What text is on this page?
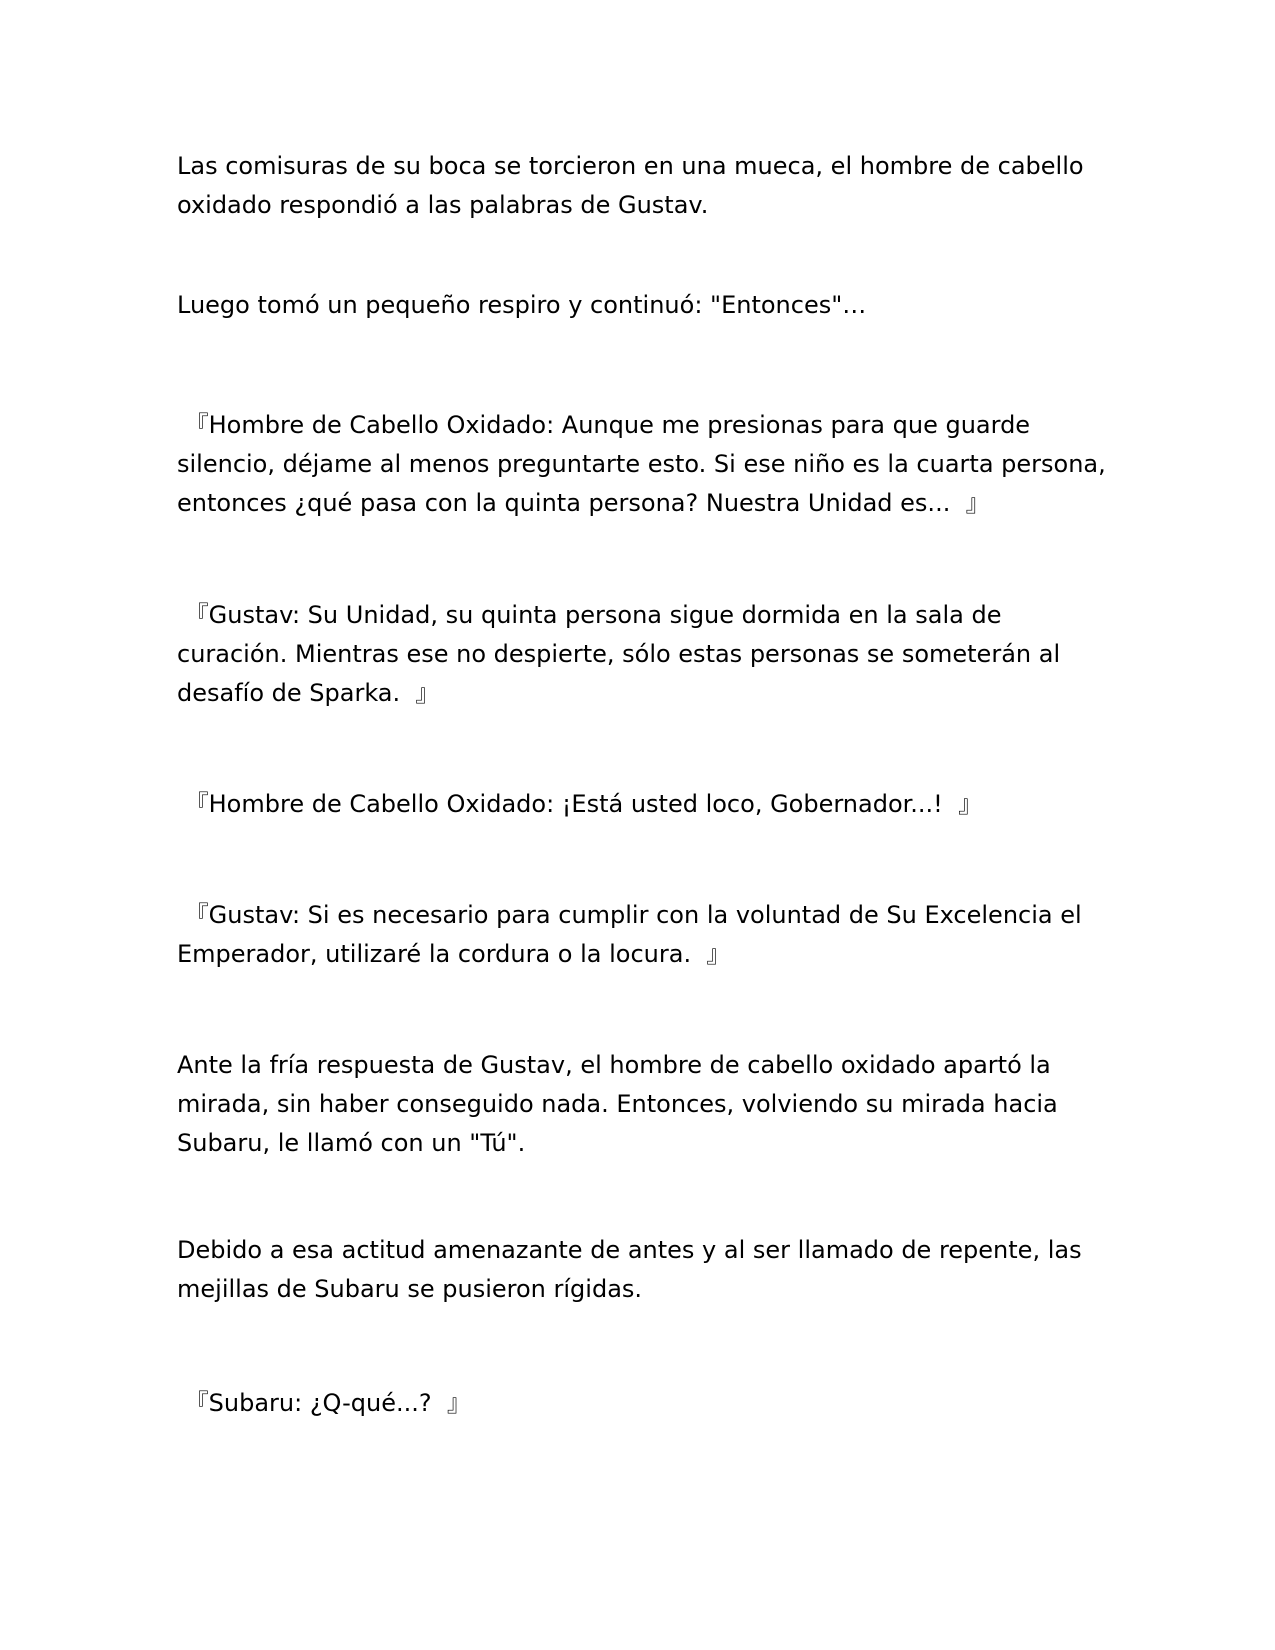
Las comisuras de su boca se torcieron en una mueca, el hombre de cabello oxidado respondió a las palabras de Gustav.

Luego tomó un pequeño respiro y continuó: "Entonces"…

『Hombre de Cabello Oxidado: Aunque me presionas para que guarde silencio, déjame al menos preguntarte esto. Si ese niño es la cuarta persona, entonces ¿qué pasa con la quinta persona? Nuestra Unidad es...  』

『Gustav: Su Unidad, su quinta persona sigue dormida en la sala de curación. Mientras ese no despierte, sólo estas personas se someterán al desafío de Sparka.  』

『Hombre de Cabello Oxidado: ¡Está usted loco, Gobernador...!  』

『Gustav: Si es necesario para cumplir con la voluntad de Su Excelencia el Emperador, utilizaré la cordura o la locura.  』

Ante la fría respuesta de Gustav, el hombre de cabello oxidado apartó la mirada, sin haber conseguido nada. Entonces, volviendo su mirada hacia Subaru, le llamó con un "Tú".

Debido a esa actitud amenazante de antes y al ser llamado de repente, las mejillas de Subaru se pusieron rígidas.

『Subaru: ¿Q-qué...?  』
